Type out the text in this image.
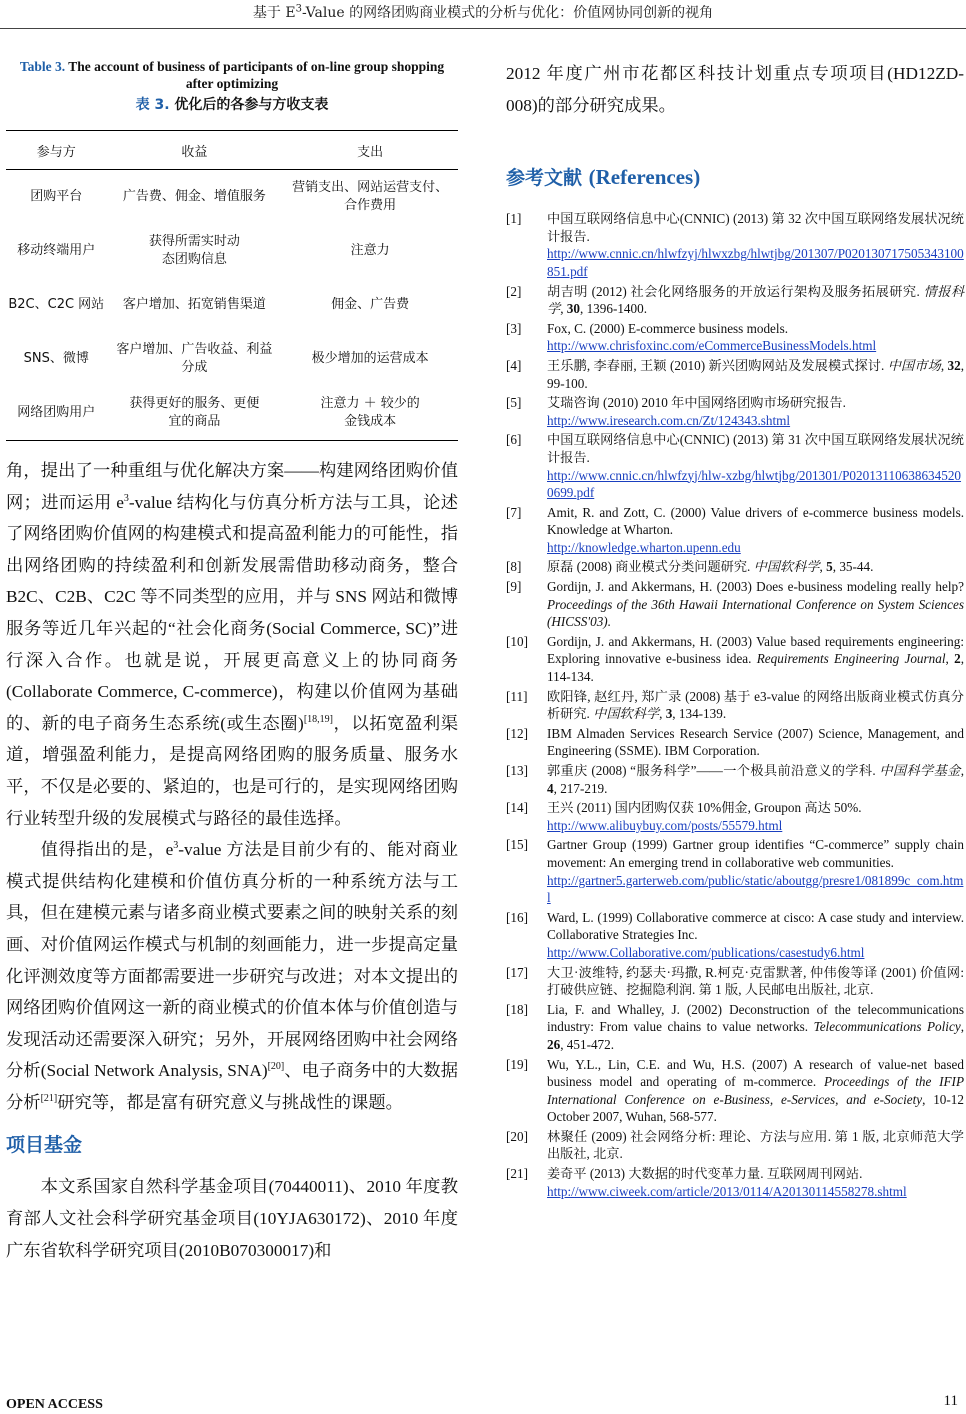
基于 $E^3$-Value 的网络团购商业模式的分析与优化：价值网协同创新的视角
Table 3. The account of business of participants of on-line group shopping after optimizing
表 3. 优化后的各参与方收支表
参与方	收益	支出
团购平台	广告费、佣金、增值服务	营销支出、网站运营支付、合作费用
移动终端用户	获得所需实时动态团购信息	注意力
B2C、C2C 网站	客户增加、拓宽销售渠道	佣金、广告费
SNS、微博	客户增加、广告收益、利益分成	极少增加的运营成本
网络团购用户	获得更好的服务、更便宜的商品	注意力 ＋ 较少的金钱成本

角，提出了一种重组与优化解决方案——构建网络团购价值网；进而运用 $e^3$-value 结构化与仿真分析方法与工具，论述了网络团购价值网的构建模式和提高盈利能力的可能性，指出网络团购的持续盈利和创新发展需借助移动商务，整合 B2C、C2B、C2C 等不同类型的应用，并与 SNS 网站和微博服务等近几年兴起的“社会化商务(Social Commerce, SC)”进行深入合作。也就是说，开展更高意义上的协同商务(Collaborate Commerce, C-commerce)，构建以价值网为基础的、新的电子商务生态系统(或生态圈)[18,19]，以拓宽盈利渠道，增强盈利能力，是提高网络团购的服务质量、服务水平，不仅是必要的、紧迫的，也是可行的，是实现网络团购行业转型升级的发展模式与路径的最佳选择。

值得指出的是，$e^3$-value 方法是目前少有的、能对商业模式提供结构化建模和价值仿真分析的一种系统方法与工具，但在建模元素与诸多商业模式要素之间的映射关系的刻画、对价值网运作模式与机制的刻画能力，进一步提高定量化评测效度等方面都需要进一步研究与改进；对本文提出的网络团购价值网这一新的商业模式的价值本体与价值创造与发现活动还需要深入研究；另外，开展网络团购中社会网络分析(Social Network Analysis, SNA)[20]、电子商务中的大数据分析[21]研究等，都是富有研究意义与挑战性的课题。

项目基金

本文系国家自然科学基金项目(70440011)、2010 年度教育部人文社会科学研究基金项目(10YJA630172)、2010 年度广东省软科学研究项目(2010B070300017)和

2012 年度广州市花都区科技计划重点专项项目(HD12ZD-008)的部分研究成果。

参考文献 (References)
[1]	中国互联网络信息中心(CNNIC) (2013) 第 32 次中国互联网络发展状况统计报告.
http://www.cnnic.cn/hlwfzyj/hlwxzbg/hlwtjbg/201307/P020130717505343100851.pdf
[2]	胡吉明 (2012) 社会化网络服务的开放运行架构及服务拓展研究. 情报科学, 30, 1396-1400.
[3]	Fox, C. (2000) E-commerce business models.
http://www.chrisfoxinc.com/eCommerceBusinessModels.html
[4]	王乐鹏, 李春丽, 王颖 (2010) 新兴团购网站及发展模式探讨. 中国市场, 32, 99-100.
[5]	艾瑞咨询 (2010) 2010 年中国网络团购市场研究报告.
http://www.iresearch.com.cn/Zt/124343.shtml
[6]	中国互联网络信息中心(CNNIC) (2013) 第 31 次中国互联网络发展状况统计报告.
http://www.cnnic.cn/hlwfzyj/hlw-xzbg/hlwtjbg/201301/P020131106386345200699.pdf
[7]	Amit, R. and Zott, C. (2000) Value drivers of e-commerce business models. Knowledge at Wharton.
http://knowledge.wharton.upenn.edu
[8]	原磊 (2008) 商业模式分类问题研究. 中国软科学, 5, 35-44.
[9]	Gordijn, J. and Akkermans, H. (2003) Does e-business modeling really help? Proceedings of the 36th Hawaii International Conference on System Sciences (HICSS'03).
[10]	Gordijn, J. and Akkermans, H. (2003) Value based requirements engineering: Exploring innovative e-business idea. Requirements Engineering Journal, 2, 114-134.
[11]	欧阳锋, 赵红丹, 郑广录 (2008) 基于 e3-value 的网络出版商业模式仿真分析研究. 中国软科学, 3, 134-139.
[12]	IBM Almaden Services Research Service (2007) Science, Management, and Engineering (SSME). IBM Corporation.
[13]	郭重庆 (2008) “服务科学”——一个极具前沿意义的学科. 中国科学基金, 4, 217-219.
[14]	王兴 (2011) 国内团购仅获 10%佣金, Groupon 高达 50%.
http://www.alibuybuy.com/posts/55579.html
[15]	Gartner Group (1999) Gartner group identifies “C-commerce” supply chain movement: An emerging trend in collaborative web communities.
http://gartner5.garterweb.com/public/static/aboutgg/presre1/081899c_com.html
[16]	Ward, L. (1999) Collaborative commerce at cisco: A case study and interview. Collaborative Strategies Inc.
http://www.Collaborative.com/publications/casestudy6.html
[17]	大卫·波维特, 约瑟夫·玛撒, R.柯克·克雷默著, 仲伟俊等译 (2001) 价值网: 打破供应链、挖掘隐利润. 第 1 版, 人民邮电出版社, 北京.
[18]	Lia, F. and Whalley, J. (2002) Deconstruction of the telecommunications industry: From value chains to value networks. Telecommunications Policy, 26, 451-472.
[19]	Wu, Y.L., Lin, C.E. and Wu, H.S. (2007) A research of value-net based business model and operating of m-commerce. Proceedings of the IFIP International Conference on e-Business, e-Services, and e-Society, 10-12 October 2007, Wuhan, 568-577.
[20]	林聚任 (2009) 社会网络分析: 理论、方法与应用. 第 1 版, 北京师范大学出版社, 北京.
[21]	姜奇平 (2013) 大数据的时代变革力量. 互联网周刊网站.
http://www.ciweek.com/article/2013/0114/A20130114558278.shtml
OPEN ACCESS	11
